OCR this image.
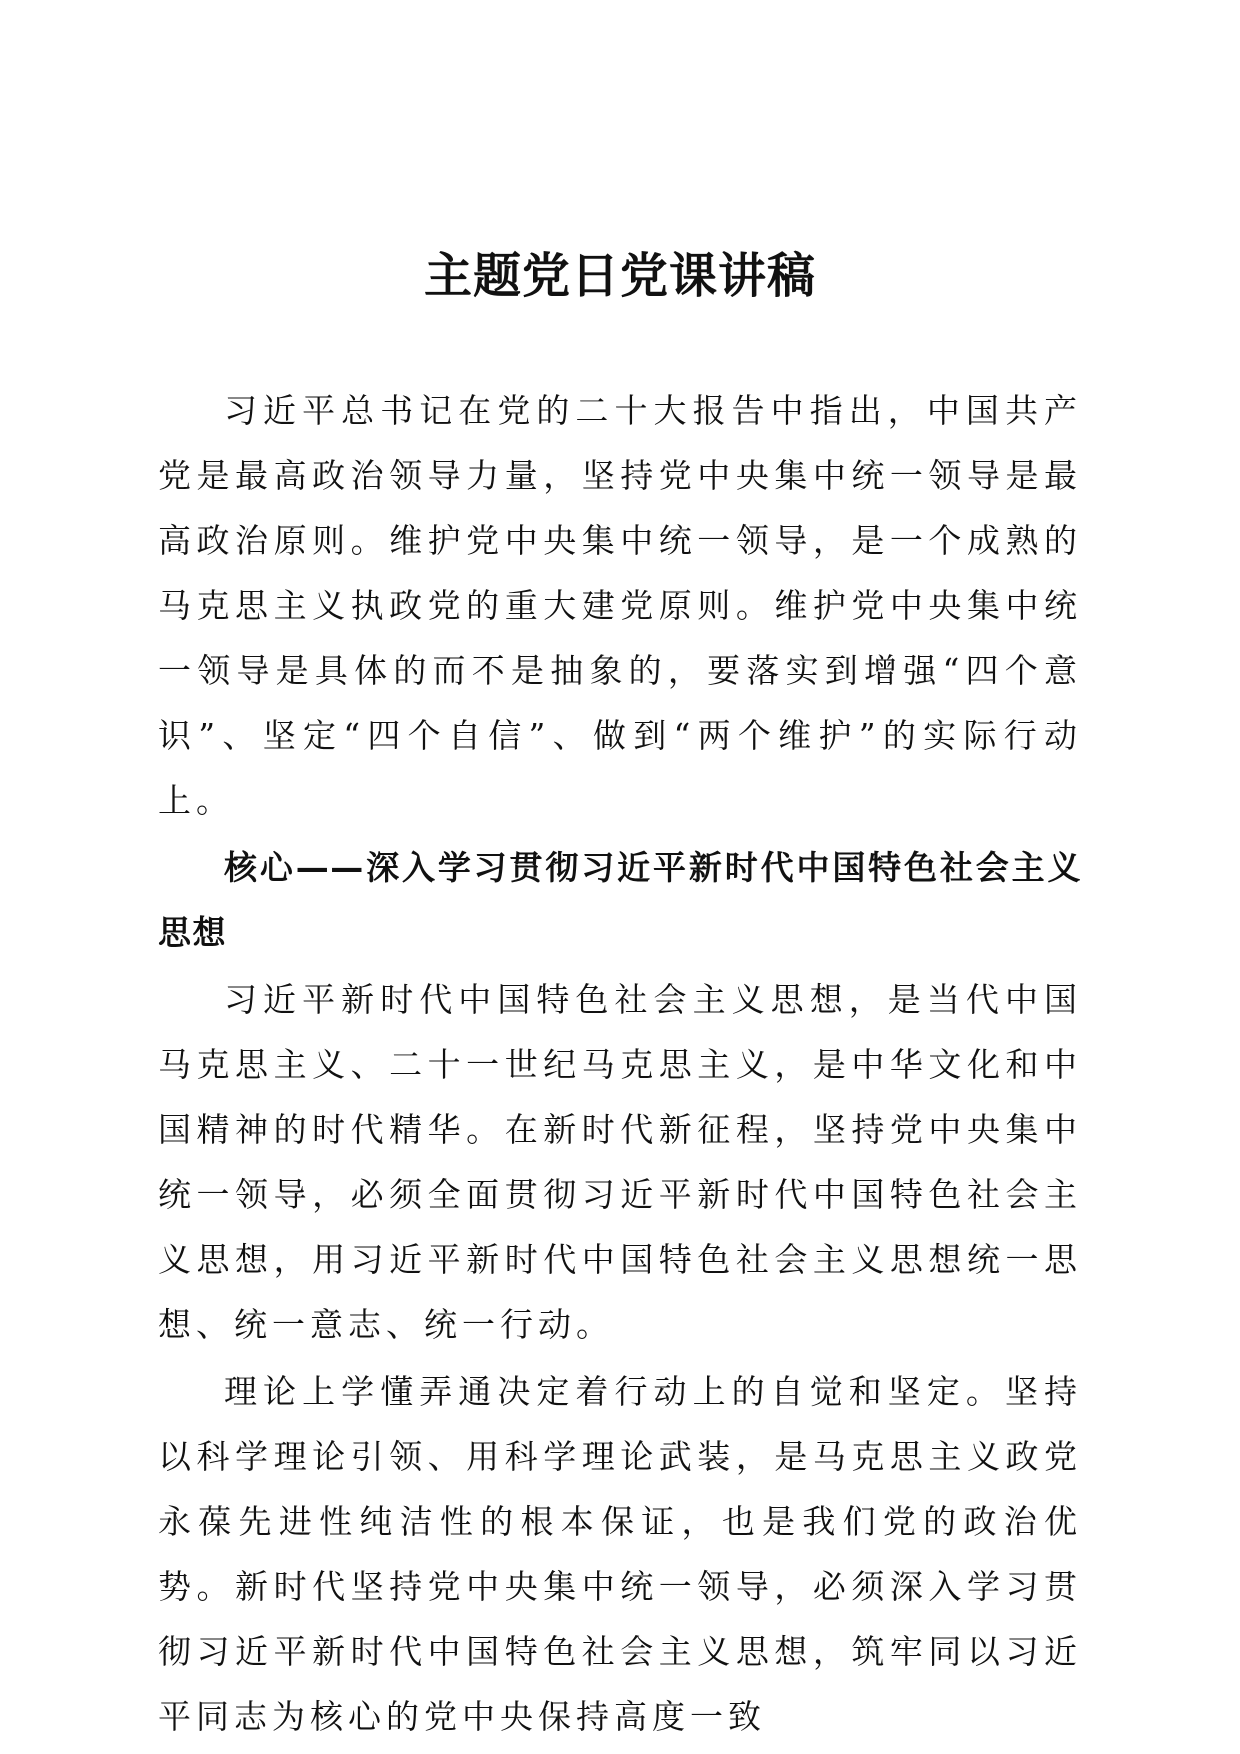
主题党日党课讲稿

习近平总书记在党的二十大报告中指出，中国共产党是最高政治领导力量，坚持党中央集中统一领导是最高政治原则。维护党中央集中统一领导，是一个成熟的马克思主义执政党的重大建党原则。维护党中央集中统一领导是具体的而不是抽象的，要落实到增强“四个意识”、坚定“四个自信”、做到“两个维护”的实际行动上。

核心——深入学习贯彻习近平新时代中国特色社会主义思想

习近平新时代中国特色社会主义思想，是当代中国马克思主义、二十一世纪马克思主义，是中华文化和中国精神的时代精华。在新时代新征程，坚持党中央集中统一领导，必须全面贯彻习近平新时代中国特色社会主义思想，用习近平新时代中国特色社会主义思想统一思想、统一意志、统一行动。

理论上学懂弄通决定着行动上的自觉和坚定。坚持以科学理论引领、用科学理论武装，是马克思主义政党永葆先进性纯洁性的根本保证，也是我们党的政治优势。新时代坚持党中央集中统一领导，必须深入学习贯彻习近平新时代中国特色社会主义思想，筑牢同以习近平同志为核心的党中央保持高度一致
